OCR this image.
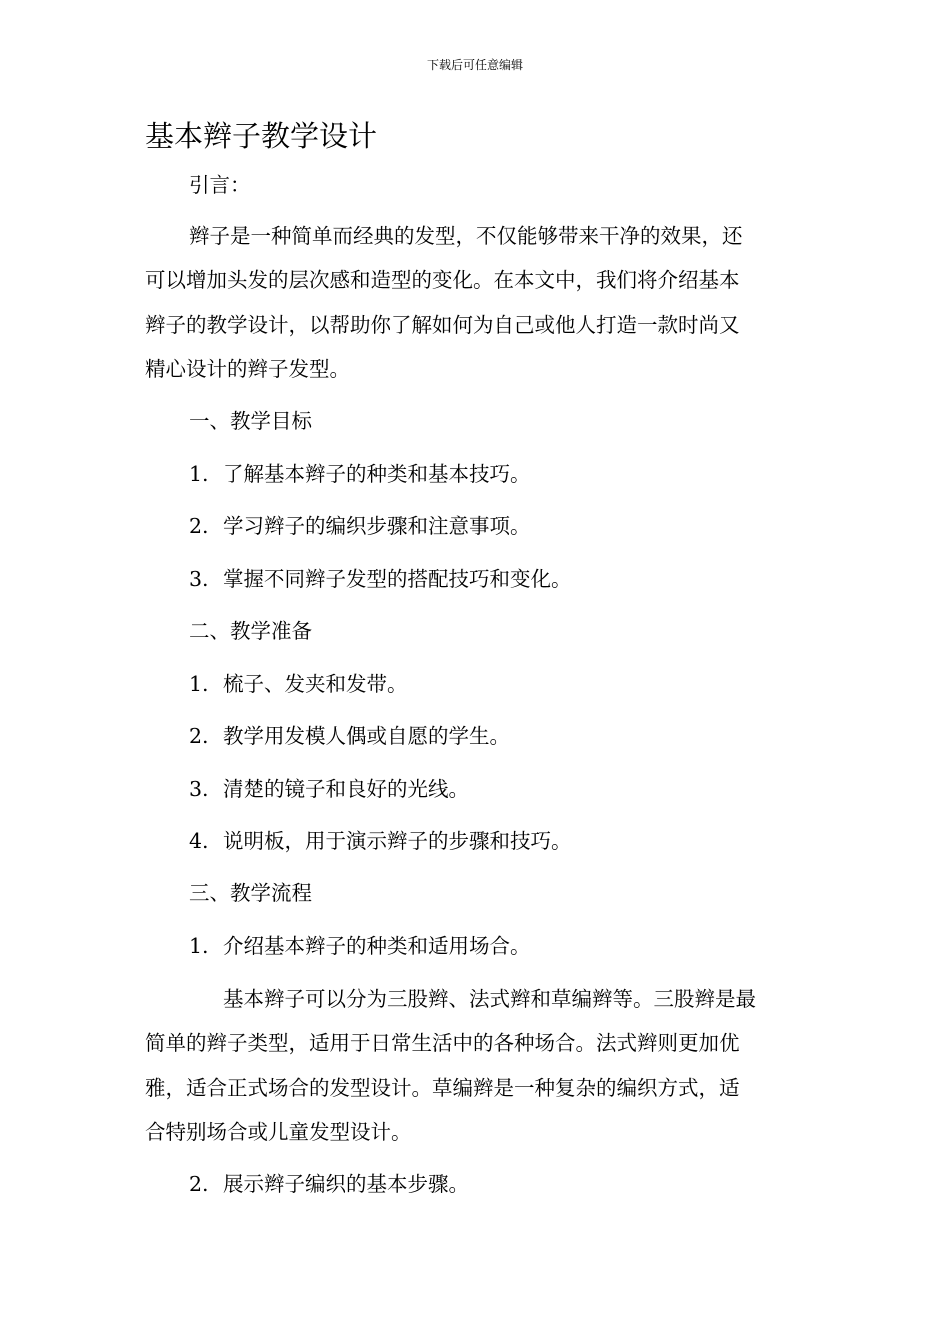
下载后可任意编辑
基本辫子教学设计

引言：

辫子是一种简单而经典的发型，不仅能够带来干净的效果，还

可以增加头发的层次感和造型的变化。在本文中，我们将介绍基本

辫子的教学设计，以帮助你了解如何为自己或他人打造一款时尚又

精心设计的辫子发型。

一、教学目标

1. 了解基本辫子的种类和基本技巧。

2. 学习辫子的编织步骤和注意事项。

3. 掌握不同辫子发型的搭配技巧和变化。

二、教学准备

1. 梳子、发夹和发带。

2. 教学用发模人偶或自愿的学生。

3. 清楚的镜子和良好的光线。

4. 说明板，用于演示辫子的步骤和技巧。

三、教学流程

1. 介绍基本辫子的种类和适用场合。

基本辫子可以分为三股辫、法式辫和草编辫等。三股辫是最

简单的辫子类型，适用于日常生活中的各种场合。法式辫则更加优

雅，适合正式场合的发型设计。草编辫是一种复杂的编织方式，适

合特别场合或儿童发型设计。

2. 展示辫子编织的基本步骤。
